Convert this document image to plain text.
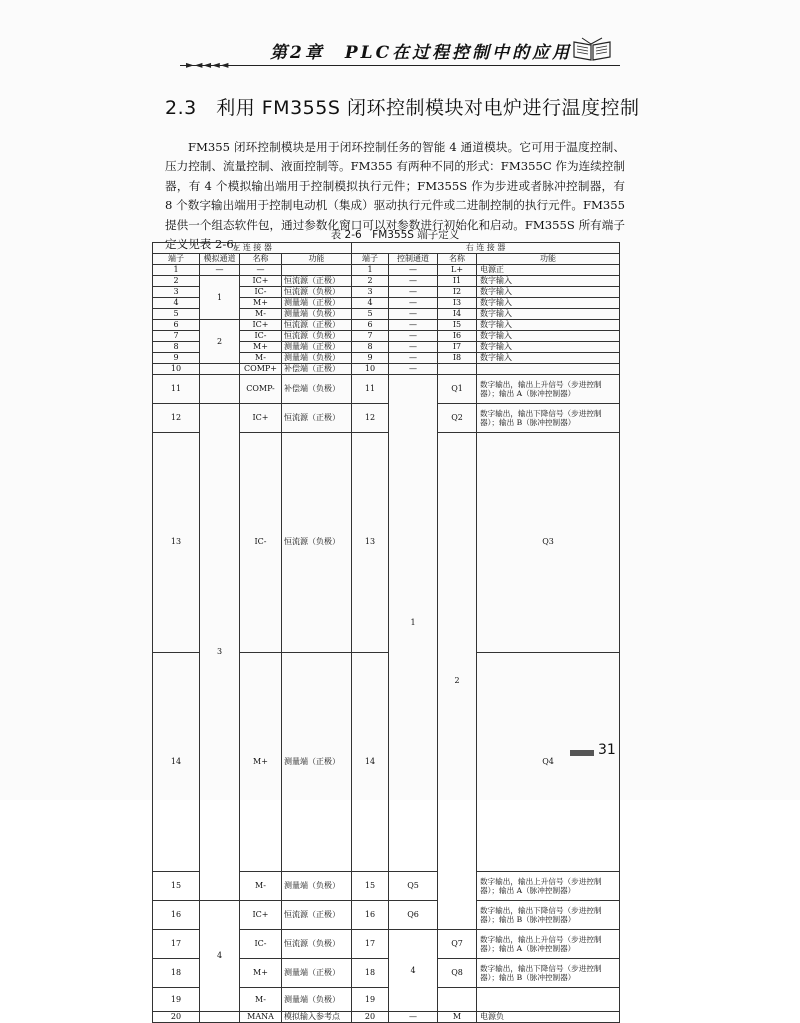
第2章　PLC在过程控制中的应用
2.3　利用 FM355S 闭环控制模块对电炉进行温度控制

FM355 闭环控制模块是用于闭环控制任务的智能 4 通道模块。它可用于温度控制、压力控制、流量控制、液面控制等。FM355 有两种不同的形式：FM355C 作为连续控制器，有 4 个模拟输出端用于控制模拟执行元件；FM355S 作为步进或者脉冲控制器，有 8 个数字输出端用于控制电动机（集成）驱动执行元件或二进制控制的执行元件。FM355 提供一个组态软件包，通过参数化窗口可以对参数进行初始化和启动。FM355S 所有端子定义见表 2-6。

表 2-6　FM355S 端子定义
左 连 接 器				右 连 接 器				
端子	模拟通道	名称	功能	端子	控制通道	名称	功能	
1	—	—		1	—	L+	电源正	
2	1	IC+	恒流源（正极）	2	—	I1	数字输入	
3		IC-	恒流源（负极）	3	—	I2	数字输入	
4		M+	测量端（正极）	4	—	I3	数字输入	
5		M-	测量端（负极）	5	—	I4	数字输入	
6	2	IC+	恒流源（正极）	6	—	I5	数字输入	
7		IC-	恒流源（负极）	7	—	I6	数字输入	
8		M+	测量端（正极）	8	—	I7	数字输入	
9		M-	测量端（负极）	9	—	I8	数字输入	
10		COMP+	补偿端（正极）	10	—			
11		COMP-	补偿端（负极）	11	1	Q1	数字输出，输出上升信号（步进控制器）；输出 A（脉冲控制器）	
12	3	IC+	恒流源（正极）	12		Q2	数字输出，输出下降信号（步进控制器）；输出 B（脉冲控制器）	
13		IC-	恒流源（负极）	13		2	Q3	
14		M+	测量端（正极）	14			Q4	
15		M-	测量端（负极）	15	Q5		数字输出，输出上升信号（步进控制器）；输出 A（脉冲控制器）	
16	4	IC+	恒流源（正极）	16	Q6		数字输出，输出下降信号（步进控制器）；输出 B（脉冲控制器）	
17		IC-	恒流源（负极）	17	4	Q7	数字输出，输出上升信号（步进控制器）；输出 A（脉冲控制器）	
18		M+	测量端（正极）	18		Q8	数字输出，输出下降信号（步进控制器）；输出 B（脉冲控制器）	
19		M-	测量端（负极）	19				
20		MANA	模拟输入参考点	20	—	M	电源负	
31
